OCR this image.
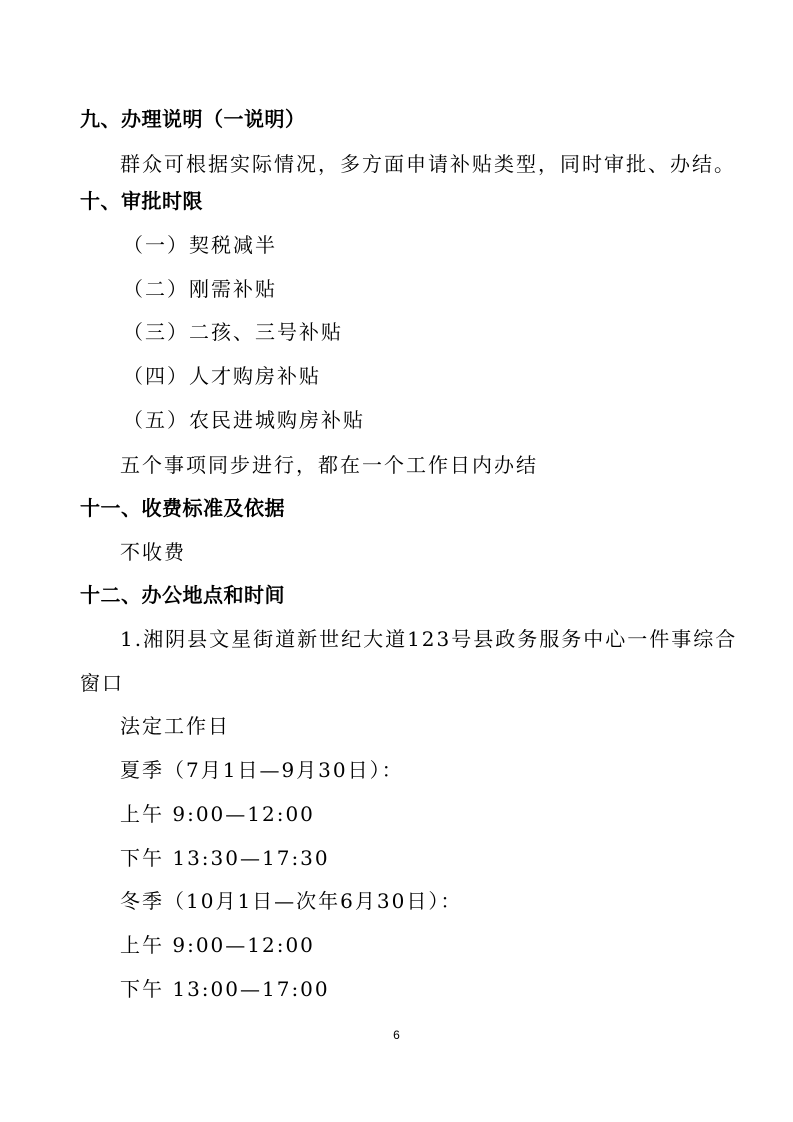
九、办理说明（一说明）
群众可根据实际情况，多方面申请补贴类型，同时审批、办结。
十、审批时限
（一）契税减半
（二）刚需补贴
（三）二孩、三号补贴
（四）人才购房补贴
（五）农民进城购房补贴
五个事项同步进行，都在一个工作日内办结
十一、收费标准及依据
不收费
十二、办公地点和时间
1.湘阴县文星街道新世纪大道123号县政务服务中心一件事综合
窗口
法定工作日
夏季（7月1日—9月30日）：
上午 9:00—12:00
下午 13:30—17:30
冬季（10月1日—次年6月30日）：
上午 9:00—12:00
下午 13:00—17:00
6
